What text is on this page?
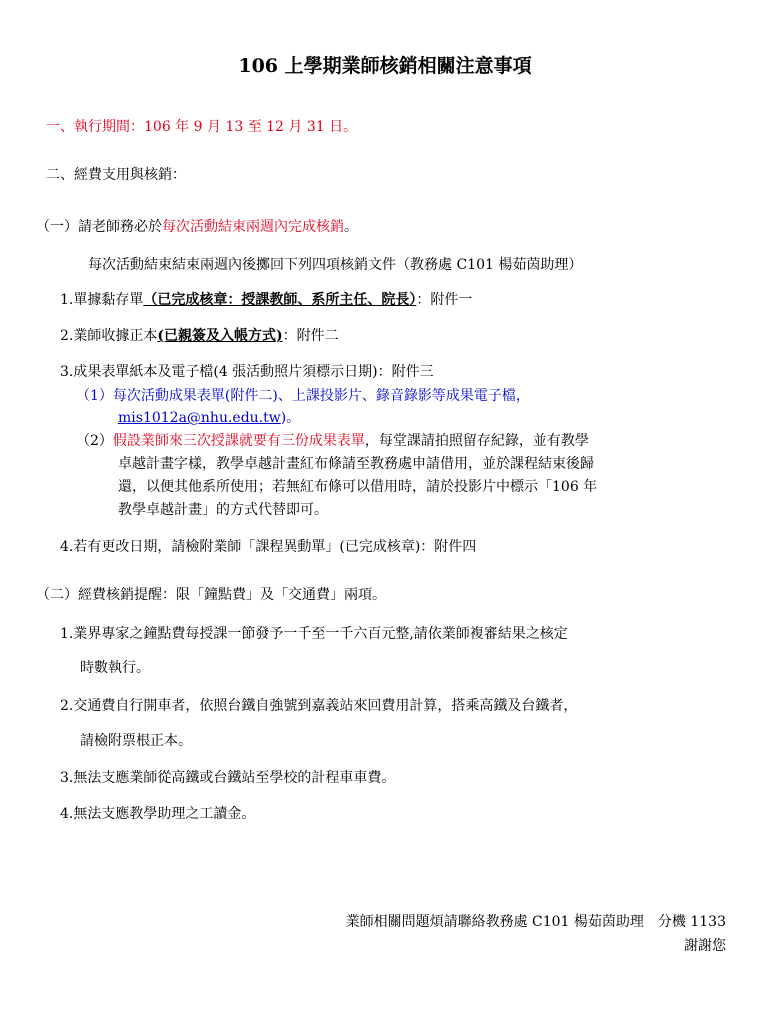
106 上學期業師核銷相關注意事項
一、執行期間：106 年 9 月 13 至 12 月 31 日。
二、經費支用與核銷：
（一）請老師務必於每次活動結束兩週內完成核銷。
每次活動結束結束兩週內後擲回下列四項核銷文件（教務處 C101 楊茹茵助理）
1.單據黏存單（已完成核章：授課教師、系所主任、院長）：附件一
2.業師收據正本(已親簽及入帳方式)：附件二
3.成果表單紙本及電子檔(4 張活動照片須標示日期)：附件三
（1）每次活動成果表單(附件二)、上課投影片、錄音錄影等成果電子檔，
mis1012a@nhu.edu.tw)。
（2）假設業師來三次授課就要有三份成果表單，每堂課請拍照留存紀錄，並有教學
卓越計畫字樣，教學卓越計畫紅布條請至教務處申請借用，並於課程結束後歸
還，以便其他系所使用；若無紅布條可以借用時，請於投影片中標示「106 年
教學卓越計畫」的方式代替即可。
4.若有更改日期，請檢附業師「課程異動單」(已完成核章)：附件四
（二）經費核銷提醒：限「鐘點費」及「交通費」兩項。
1.業界專家之鐘點費每授課一節發予一千至一千六百元整,請依業師複審結果之核定
時數執行。
2.交通費自行開車者，依照台鐵自強號到嘉義站來回費用計算，搭乘高鐵及台鐵者，
請檢附票根正本。
3.無法支應業師從高鐵或台鐵站至學校的計程車車費。
4.無法支應教學助理之工讀金。
業師相關問題煩請聯絡教務處 C101 楊茹茵助理　分機 1133
謝謝您
